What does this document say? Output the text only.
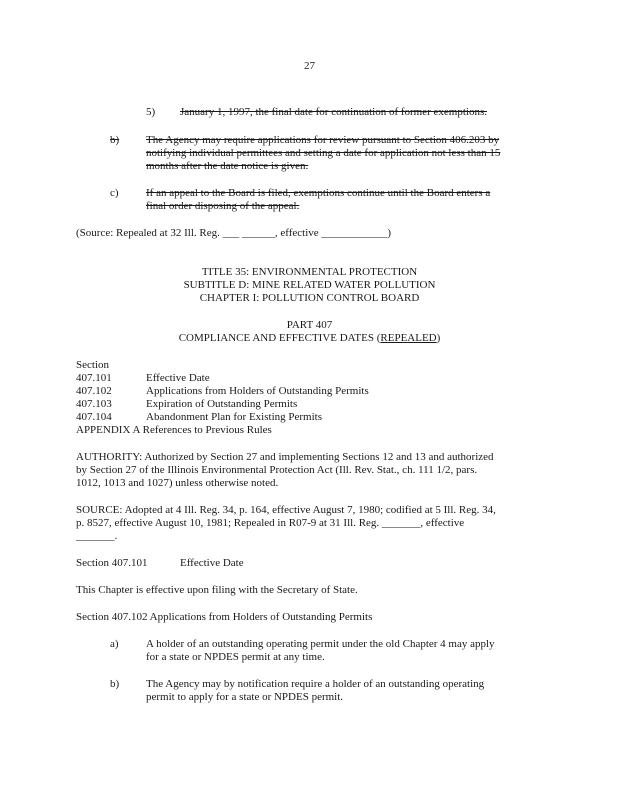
27
5) January 1, 1997, the final date for continuation of former exemptions.
b) The Agency may require applications for review pursuant to Section 406.203 by
notifying individual permittees and setting a date for application not less than 15
months after the date notice is given.
c) If an appeal to the Board is filed, exemptions continue until the Board enters a
final order disposing of the appeal.
(Source: Repealed at 32 Ill. Reg. ___ ______, effective ____________)
TITLE 35: ENVIRONMENTAL PROTECTION
SUBTITLE D: MINE RELATED WATER POLLUTION
CHAPTER I: POLLUTION CONTROL BOARD
PART 407
COMPLIANCE AND EFFECTIVE DATES (REPEALED)
Section
407.101	Effective Date
407.102	Applications from Holders of Outstanding Permits
407.103	Expiration of Outstanding Permits
407.104	Abandonment Plan for Existing Permits
APPENDIX A References to Previous Rules
AUTHORITY: Authorized by Section 27 and implementing Sections 12 and 13 and authorized
by Section 27 of the Illinois Environmental Protection Act (Ill. Rev. Stat., ch. 111 1/2, pars.
1012, 1013 and 1027) unless otherwise noted.
SOURCE: Adopted at 4 Ill. Reg. 34, p. 164, effective August 7, 1980; codified at 5 Ill. Reg. 34,
p. 8527, effective August 10, 1981; Repealed in R07-9 at 31 Ill. Reg. _______, effective
_______.
Section 407.101	Effective Date
This Chapter is effective upon filing with the Secretary of State.
Section 407.102 Applications from Holders of Outstanding Permits
a) A holder of an outstanding operating permit under the old Chapter 4 may apply
for a state or NPDES permit at any time.
b) The Agency may by notification require a holder of an outstanding operating
permit to apply for a state or NPDES permit.
